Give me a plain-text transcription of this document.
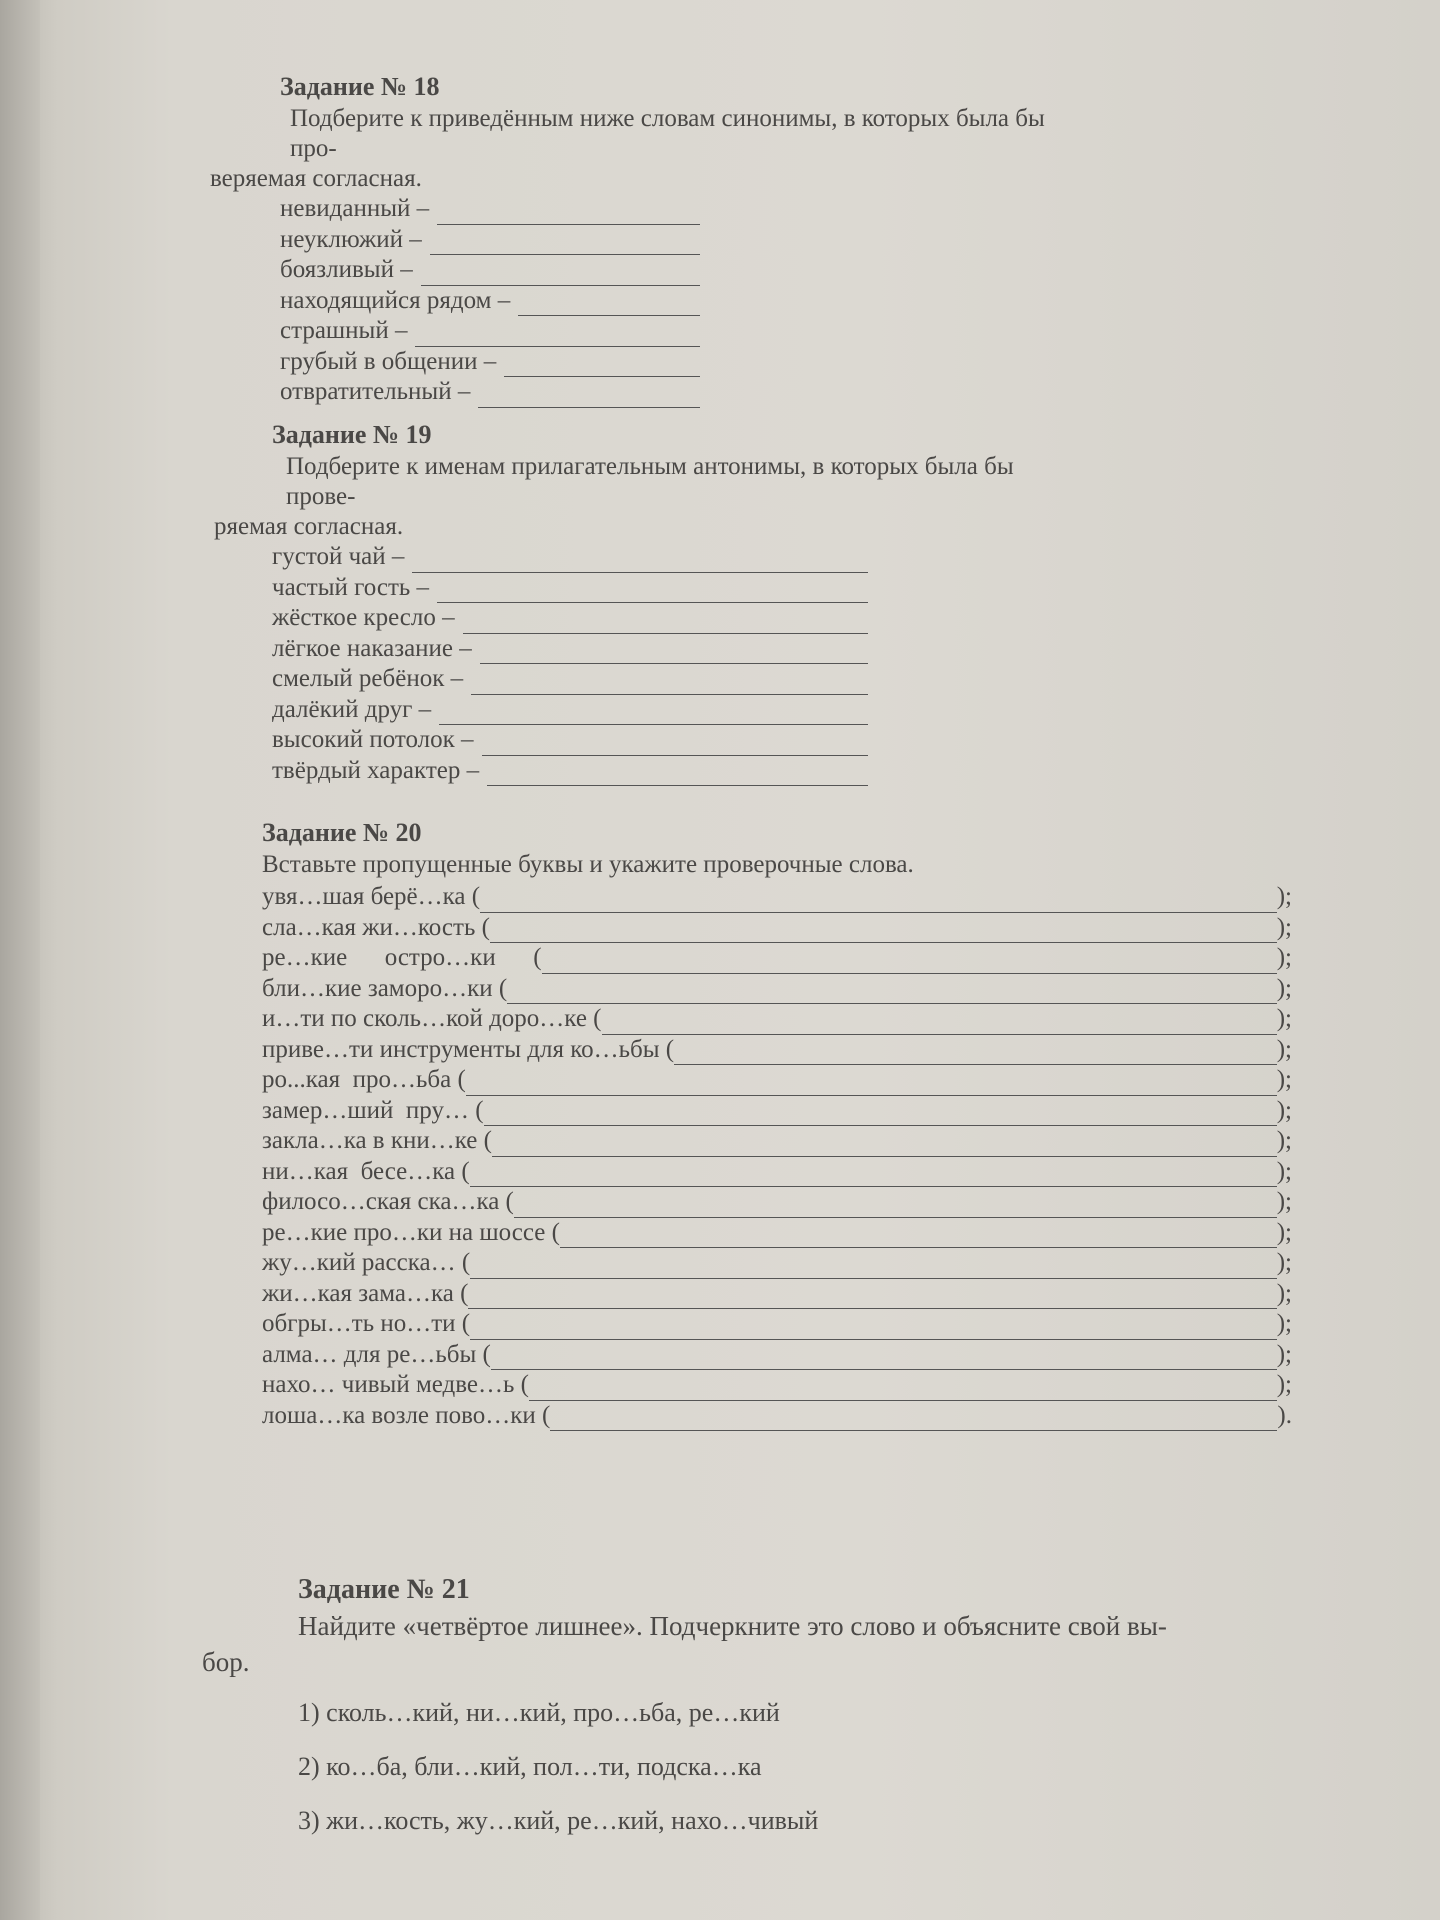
Задание № 18
Подберите к приведённым ниже словам синонимы, в которых была бы про-
веряемая согласная.
невиданный –
неуклюжий –
боязливый –
находящийся рядом –
страшный –
грубый в общении –
отвратительный –
Задание № 19
Подберите к именам прилагательным антонимы, в которых была бы прове-
ряемая согласная.
густой чай –
частый гость –
жёсткое кресло –
лёгкое наказание –
смелый ребёнок –
далёкий друг –
высокий потолок –
твёрдый характер –
Задание № 20
Вставьте пропущенные буквы и укажите проверочные слова.
увя…шая берё…ка (	);
сла…кая жи…кость (	);
ре…кие      остро…ки      (	);
бли…кие заморо…ки (	);
и…ти по сколь…кой доро…ке (	);
приве…ти инструменты для ко…ьбы (	);
ро...кая  про…ьба (	);
замер…ший  пру… (	);
закла…ка в кни…ке (	);
ни…кая  бесе…ка (	);
филосо…ская ска…ка (	);
ре…кие про…ки на шоссе (	);
жу…кий расска… (	);
жи…кая зама…ка (	);
обгры…ть но…ти (	);
алма… для ре…ьбы (	);
нахо… чивый медве…ь (	);
лоша…ка возле пово…ки (	).
Задание № 21
Найдите «четвёртое лишнее». Подчеркните это слово и объясните свой вы-
бор.
1) сколь…кий, ни…кий, про…ьба, ре…кий
2) ко…ба, бли…кий, пол…ти, подска…ка
3) жи…кость, жу…кий, ре…кий, нахо…чивый
